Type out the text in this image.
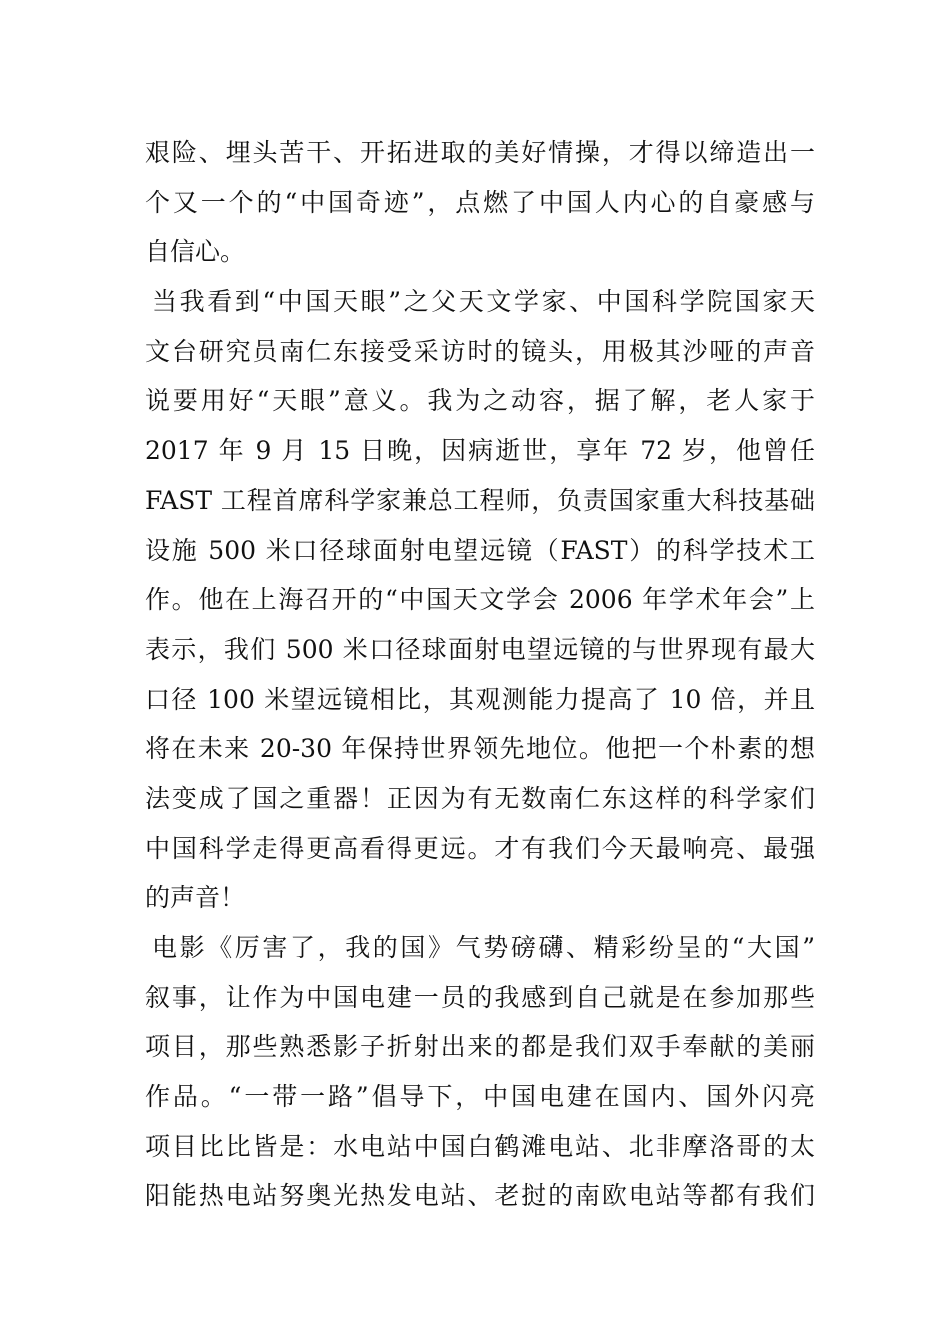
艰险、埋头苦干、开拓进取的美好情操，才得以缔造出一
个又一个的“中国奇迹”，点燃了中国人内心的自豪感与
自信心。
当我看到“中国天眼”之父天文学家、中国科学院国家天
文台研究员南仁东接受采访时的镜头，用极其沙哑的声音
说要用好“天眼”意义。我为之动容，据了解，老人家于
2017 年 9 月 15 日晚，因病逝世，享年 72 岁，他曾任
FAST 工程首席科学家兼总工程师，负责国家重大科技基础
设施 500 米口径球面射电望远镜（FAST）的科学技术工
作。他在上海召开的“中国天文学会 2006 年学术年会”上
表示，我们 500 米口径球面射电望远镜的与世界现有最大
口径 100 米望远镜相比，其观测能力提高了 10 倍，并且
将在未来 20-30 年保持世界领先地位。他把一个朴素的想
法变成了国之重器！正因为有无数南仁东这样的科学家们
中国科学走得更高看得更远。才有我们今天最响亮、最强
的声音！
电影《厉害了，我的国》气势磅礴、精彩纷呈的“大国”
叙事，让作为中国电建一员的我感到自己就是在参加那些
项目，那些熟悉影子折射出来的都是我们双手奉献的美丽
作品。“一带一路”倡导下，中国电建在国内、国外闪亮
项目比比皆是：水电站中国白鹤滩电站、北非摩洛哥的太
阳能热电站努奥光热发电站、老挝的南欧电站等都有我们
